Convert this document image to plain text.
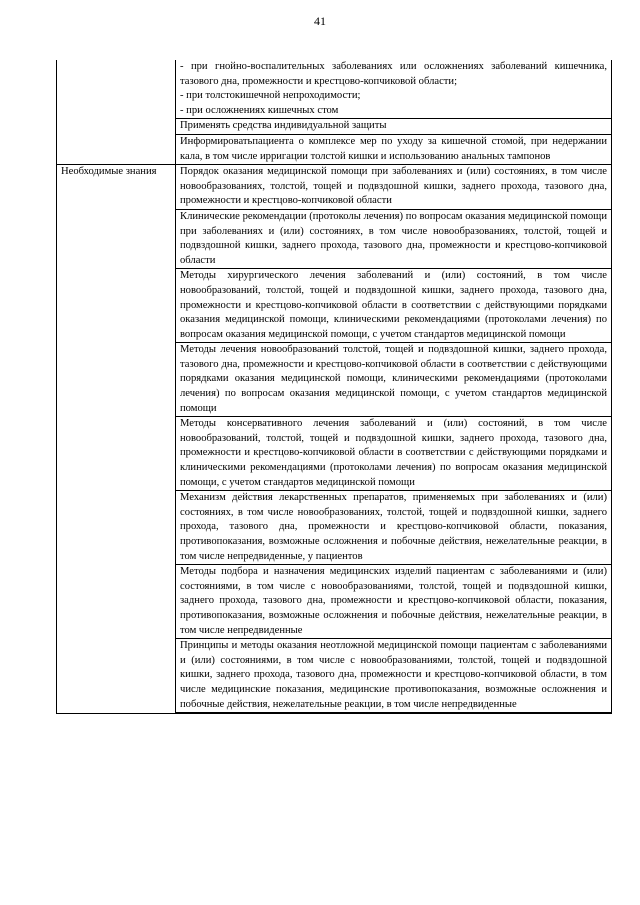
41

	- при гнойно-воспалительных заболеваниях или осложнениях заболеваний кишечника, тазового дна, промежности и крестцово-копчиковой области;
- при толстокишечной непроходимости;
- при осложнениях кишечных стом

	Применять средства индивидуальной защиты
	Информироватьпациента о комплексе мер по уходу за кишечной стомой, при недержании кала, в том числе ирригации толстой кишки и использованию анальных тампонов
Необходимые знания	Порядок оказания медицинской помощи при заболеваниях и (или) состояниях, в том числе новообразованиях, толстой, тощей и подвздошной кишки, заднего прохода, тазового дна, промежности и крестцово-копчиковой области
	Клинические рекомендации (протоколы лечения) по вопросам оказания медицинской помощи при заболеваниях и (или) состояниях, в том числе новообразованиях, толстой, тощей и подвздошной кишки, заднего прохода, тазового дна, промежности и крестцово-копчиковой области
	Методы хирургического лечения заболеваний и (или) состояний, в том числе новообразований, толстой, тощей и подвздошной кишки, заднего прохода, тазового дна, промежности и крестцово-копчиковой области в соответствии с действующими порядками оказания медицинской помощи, клиническими рекомендациями (протоколами лечения) по вопросам оказания медицинской помощи, с учетом стандартов медицинской помощи
	Методы лечения новообразований толстой, тощей и подвздошной кишки, заднего прохода, тазового дна, промежности и крестцово-копчиковой области в соответствии с действующими порядками оказания медицинской помощи, клиническими рекомендациями (протоколами лечения) по вопросам оказания медицинской помощи, с учетом стандартов медицинской помощи
	Методы консервативного лечения заболеваний и (или) состояний, в том числе новообразований, толстой, тощей и подвздошной кишки, заднего прохода, тазового дна, промежности и крестцово-копчиковой области в соответствии с действующими порядками и клиническими рекомендациями (протоколами лечения) по вопросам оказания медицинской помощи, с учетом стандартов медицинской помощи
	Механизм действия лекарственных препаратов, применяемых при заболеваниях и (или) состояниях, в том числе новообразованиях, толстой, тощей и подвздошной кишки, заднего прохода, тазового дна, промежности и крестцово-копчиковой области, показания, противопоказания, возможные осложнения и побочные действия, нежелательные реакции, в том числе непредвиденные, у пациентов
	Методы подбора и назначения медицинских изделий пациентам с заболеваниями и (или) состояниями, в том числе с новообразованиями, толстой, тощей и подвздошной кишки, заднего прохода, тазового дна, промежности и крестцово-копчиковой области, показания, противопоказания, возможные осложнения и побочные действия, нежелательные реакции, в том числе непредвиденные
	Принципы и методы оказания неотложной медицинской помощи пациентам с заболеваниями и (или) состояниями, в том числе с новообразованиями, толстой, тощей и подвздошной кишки, заднего прохода, тазового дна, промежности и крестцово-копчиковой области, в том числе медицинские показания, медицинские противопоказания, возможные осложнения и побочные действия, нежелательные реакции, в том числе непредвиденные
